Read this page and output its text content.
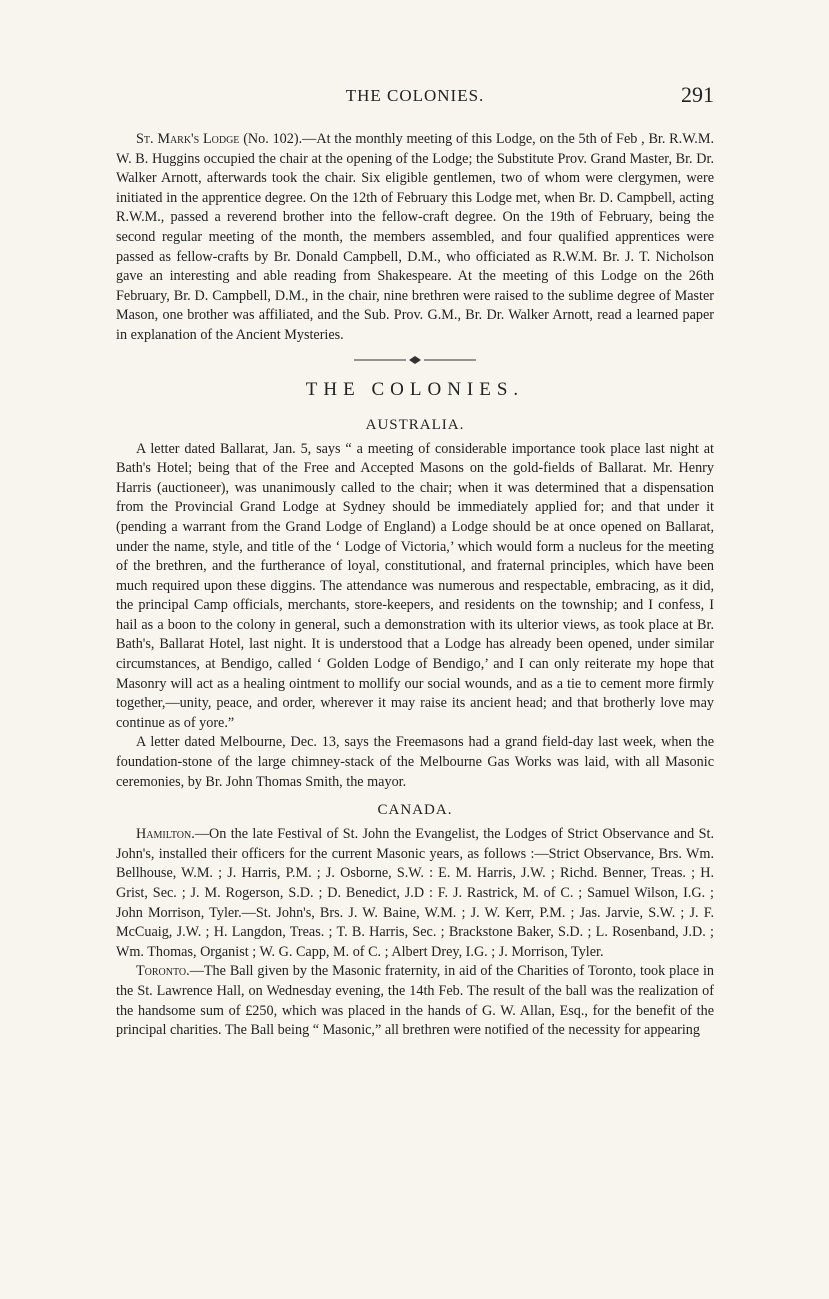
THE COLONIES.	291

St. Mark's Lodge (No. 102).—At the monthly meeting of this Lodge, on the 5th of Feb , Br. R.W.M. W. B. Huggins occupied the chair at the opening of the Lodge; the Substitute Prov. Grand Master, Br. Dr. Walker Arnott, afterwards took the chair. Six eligible gentlemen, two of whom were clergymen, were initiated in the apprentice degree. On the 12th of February this Lodge met, when Br. D. Campbell, acting R.W.M., passed a reverend brother into the fellow-craft degree. On the 19th of February, being the second regular meeting of the month, the members assembled, and four qualified apprentices were passed as fellow-crafts by Br. Donald Campbell, D.M., who officiated as R.W.M. Br. J. T. Nicholson gave an interesting and able reading from Shakespeare. At the meeting of this Lodge on the 26th February, Br. D. Campbell, D.M., in the chair, nine brethren were raised to the sublime degree of Master Mason, one brother was affiliated, and the Sub. Prov. G.M., Br. Dr. Walker Arnott, read a learned paper in explanation of the Ancient Mysteries.

THE COLONIES.
AUSTRALIA.

A letter dated Ballarat, Jan. 5, says “ a meeting of considerable importance took place last night at Bath's Hotel; being that of the Free and Accepted Masons on the gold-fields of Ballarat. Mr. Henry Harris (auctioneer), was unanimously called to the chair; when it was determined that a dispensation from the Provincial Grand Lodge at Sydney should be immediately applied for; and that under it (pending a warrant from the Grand Lodge of England) a Lodge should be at once opened on Ballarat, under the name, style, and title of the ‘ Lodge of Victoria,’ which would form a nucleus for the meeting of the brethren, and the furtherance of loyal, constitutional, and fraternal principles, which have been much required upon these diggins. The attendance was numerous and respectable, embracing, as it did, the principal Camp officials, merchants, store-keepers, and residents on the township; and I confess, I hail as a boon to the colony in general, such a demonstration with its ulterior views, as took place at Br. Bath's, Ballarat Hotel, last night. It is understood that a Lodge has already been opened, under similar circumstances, at Bendigo, called ‘ Golden Lodge of Bendigo,’ and I can only reiterate my hope that Masonry will act as a healing ointment to mollify our social wounds, and as a tie to cement more firmly together,—unity, peace, and order, wherever it may raise its ancient head; and that brotherly love may continue as of yore.”

A letter dated Melbourne, Dec. 13, says the Freemasons had a grand field-day last week, when the foundation-stone of the large chimney-stack of the Melbourne Gas Works was laid, with all Masonic ceremonies, by Br. John Thomas Smith, the mayor.

CANADA.

Hamilton.—On the late Festival of St. John the Evangelist, the Lodges of Strict Observance and St. John's, installed their officers for the current Masonic years, as follows :—Strict Observance, Brs. Wm. Bellhouse, W.M. ; J. Harris, P.M. ; J. Osborne, S.W. : E. M. Harris, J.W. ; Richd. Benner, Treas. ; H. Grist, Sec. ; J. M. Rogerson, S.D. ; D. Benedict, J.D : F. J. Rastrick, M. of C. ; Samuel Wilson, I.G. ; John Morrison, Tyler.—St. John's, Brs. J. W. Baine, W.M. ; J. W. Kerr, P.M. ; Jas. Jarvie, S.W. ; J. F. McCuaig, J.W. ; H. Langdon, Treas. ; T. B. Harris, Sec. ; Brackstone Baker, S.D. ; L. Rosenband, J.D. ; Wm. Thomas, Organist ; W. G. Capp, M. of C. ; Albert Drey, I.G. ; J. Morrison, Tyler.

Toronto.—The Ball given by the Masonic fraternity, in aid of the Charities of Toronto, took place in the St. Lawrence Hall, on Wednesday evening, the 14th Feb. The result of the ball was the realization of the handsome sum of £250, which was placed in the hands of G. W. Allan, Esq., for the benefit of the principal charities. The Ball being “ Masonic,” all brethren were notified of the necessity for appearing
